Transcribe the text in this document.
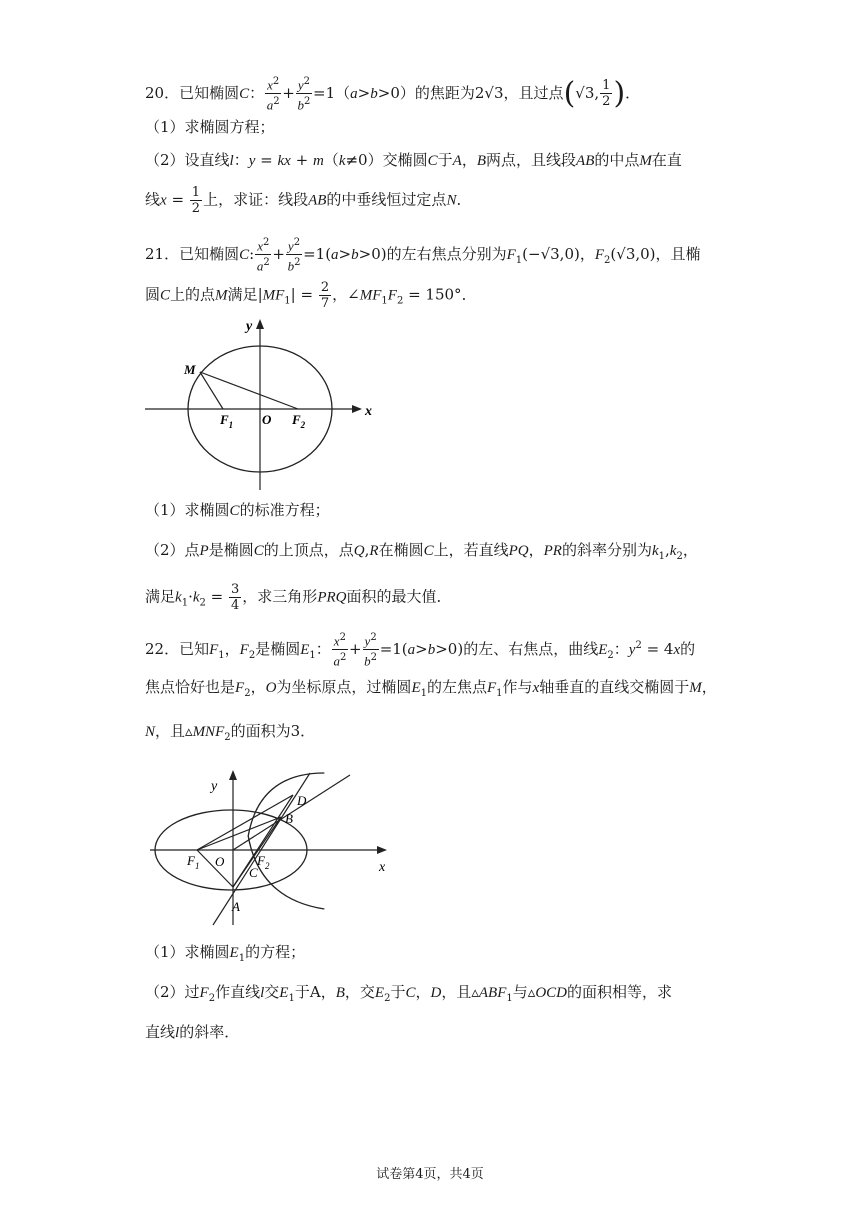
20．已知椭圆C： $\frac{x^2}{a^2} + \frac{y^2}{b^2} =1(a>b>0)$的焦距为2√3，且过点(√3, $\frac{1}{2}$ )．
（1）求椭圆方程；
（2）设直线l：y = kx + m（k≠0）交椭圆C于A，B两点，且线段AB的中点M在直
线$x = \frac{1}{2}$ 上，求证：线段AB的中垂线恒过定点N．
21．已知椭圆C: $\frac{x^2}{a^2} + \frac{y^2}{b^2} =1(a>b>0)$的左右焦点分别为$F_1(-√3,0)$，$F_2(√3,0)$，且椭
圆C上的点M满足$|MF_1| = \frac{2}{7}$ ，$\angle MF_1F_2 = 150^\circ$．
y
x
M
$F_1$ O $F_2$
（1）求椭圆C的标准方程；
（2）点P是椭圆C的上顶点，点Q,R在椭圆C上，若直线PQ，PR的斜率分别为$k_1,k_2$，
满足$k_1\cdot k_2 = \frac{3}{4}$ ，求三角形PRQ面积的最大值．
22．已知$F_1$，$F_2$是椭圆$E_1$： $\frac{x^2}{a^2} + \frac{y^2}{b^2} =1(a>b>0)$的左、右焦点，曲线$E_2$：$y^2 = 4x$的
焦点恰好也是$F_2$，O为坐标原点，过椭圆$E_1$的左焦点$F_1$作与x轴垂直的直线交椭圆于M，
N，且$▵MNF_2$的面积为3．
y
x
D
B
$F_1$ O	$F_2$
C
A
（1）求椭圆$E_1$的方程；
（2）过$F_2$作直线l交$E_1$于A，B，交$E_2$于C，D，且$▵ABF_1$与▵OCD的面积相等，求
直线l的斜率．
试卷第4页，共4页
